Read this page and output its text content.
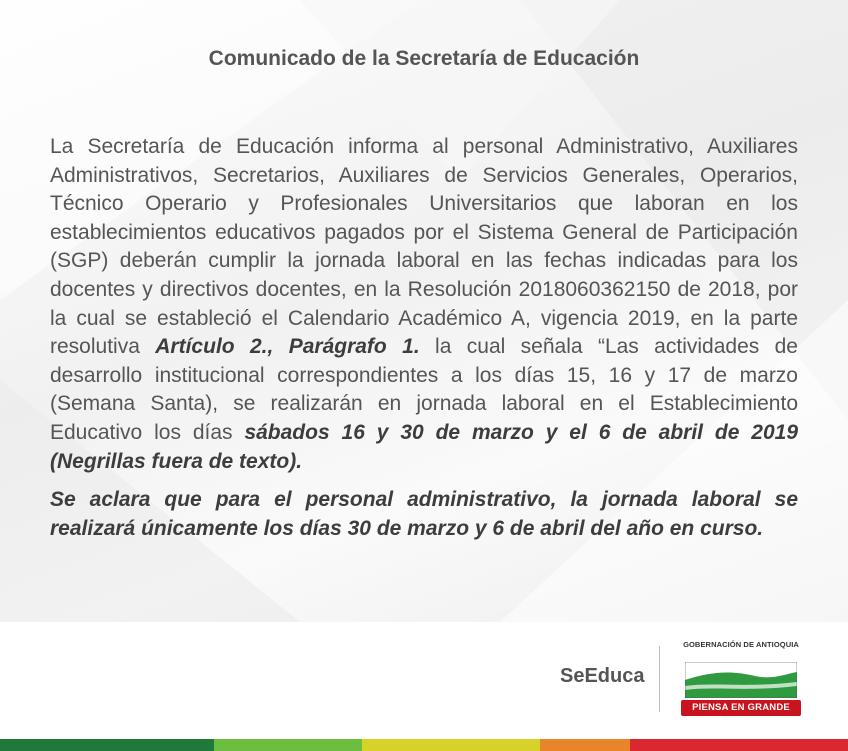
Comunicado de la Secretaría de Educación

La Secretaría de Educación informa al personal Administrativo, Auxiliares Administrativos, Secretarios, Auxiliares de Servicios Generales, Operarios, Técnico Operario y Profesionales Universitarios que laboran en los establecimientos educativos pagados por el Sistema General de Participación (SGP) deberán cumplir la jornada laboral en las fechas indicadas para los docentes y directivos docentes, en la Resolución 2018060362150 de 2018, por la cual se estableció el Calendario Académico A, vigencia 2019, en la parte resolutiva Artículo 2., Parágrafo 1. la cual señala “Las actividades de desarrollo institucional correspondientes a los días 15, 16 y 17 de marzo (Semana Santa), se realizarán en jornada laboral en el Establecimiento Educativo los días sábados 16 y 30 de marzo y el 6 de abril de 2019 (Negrillas fuera de texto).

Se aclara que para el personal administrativo, la jornada laboral se realizará únicamente los días 30 de marzo y 6 de abril del año en curso.

SeEduca
GOBERNACIÓN DE ANTIOQUIA
PIENSA EN GRANDE
